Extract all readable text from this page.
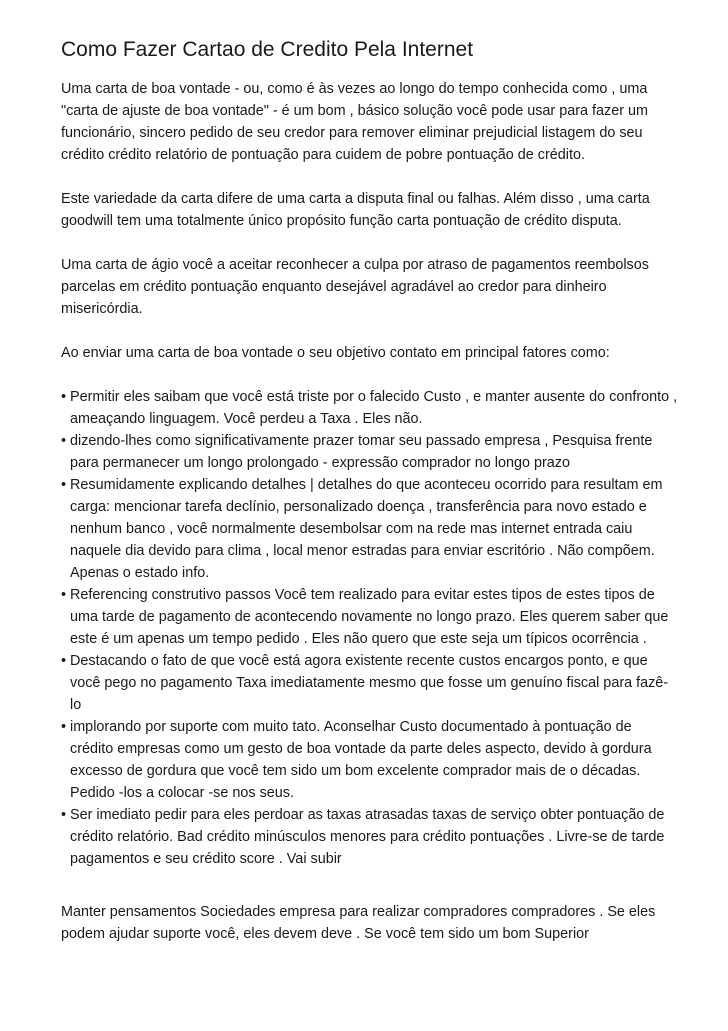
Como Fazer Cartao de Credito Pela Internet

Uma carta de boa vontade - ou, como é às vezes ao longo do tempo conhecida como , uma "carta de ajuste de boa vontade" - é um bom , básico solução você pode usar para fazer um funcionário, sincero pedido de seu credor para remover eliminar prejudicial listagem do seu crédito crédito relatório de pontuação para cuidem de pobre pontuação de crédito.

Este variedade da carta difere de uma carta a disputa final ou falhas. Além disso , uma carta goodwill tem uma totalmente único propósito função carta pontuação de crédito disputa.

Uma carta de ágio você a aceitar reconhecer a culpa por atraso de pagamentos reembolsos parcelas em crédito pontuação enquanto desejável agradável ao credor para dinheiro misericórdia.

Ao enviar uma carta de boa vontade o seu objetivo contato em principal fatores como:

• Permitir eles saibam que você está triste por o falecido Custo , e manter ausente do confronto , ameaçando linguagem. Você perdeu a Taxa . Eles não.
• dizendo-lhes como significativamente prazer tomar seu passado empresa , Pesquisa frente para permanecer um longo prolongado - expressão comprador no longo prazo
• Resumidamente explicando detalhes | detalhes do que aconteceu ocorrido para resultam em carga: mencionar tarefa declínio, personalizado doença , transferência para novo estado e nenhum banco , você normalmente desembolsar com na rede mas internet entrada caiu naquele dia devido para clima , local menor estradas para enviar escritório . Não compõem. Apenas o estado info.
• Referencing construtivo passos Você tem realizado para evitar estes tipos de estes tipos de uma tarde de pagamento de acontecendo novamente no longo prazo. Eles querem saber que este é um apenas um tempo pedido . Eles não quero que este seja um típicos ocorrência .
• Destacando o fato de que você está agora existente recente custos encargos ponto, e que você pego no pagamento Taxa imediatamente mesmo que fosse um genuíno fiscal para fazê-lo
• implorando por suporte com muito tato. Aconselhar Custo documentado à pontuação de crédito empresas como um gesto de boa vontade da parte deles aspecto, devido à gordura excesso de gordura que você tem sido um bom excelente comprador mais de o décadas. Pedido -los a colocar -se nos seus.
• Ser imediato pedir para eles perdoar as taxas atrasadas taxas de serviço obter pontuação de crédito relatório. Bad crédito minúsculos menores para crédito pontuações . Livre-se de tarde pagamentos e seu crédito score . Vai subir

Manter pensamentos Sociedades empresa para realizar compradores compradores . Se eles podem ajudar suporte você, eles devem deve . Se você tem sido um bom Superior
